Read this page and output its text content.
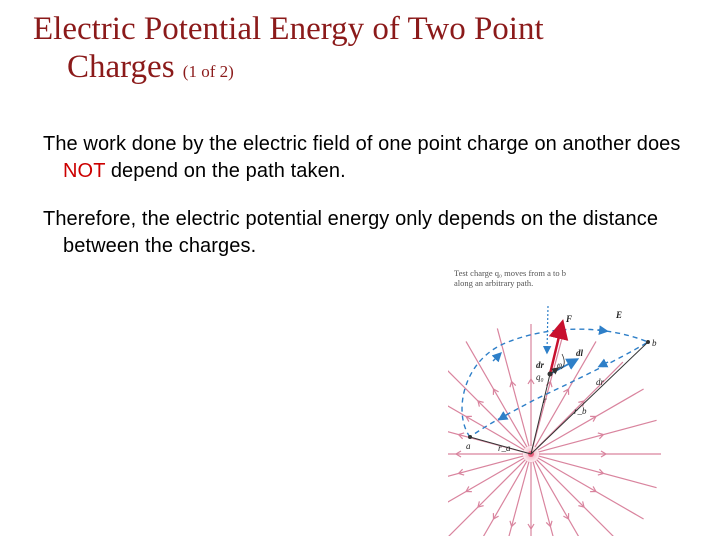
Electric Potential Energy of Two Point
Charges (1 of 2)
The work done by the electric field of one point charge on another does NOT depend on the path taken.
Therefore, the electric potential energy only depends on the distance between the charges.
Test charge q₀ moves from a to b
along an arbitrary path.
F	E
dl
dr φ
q₀
r
dr
r_b
r_a
a
b
